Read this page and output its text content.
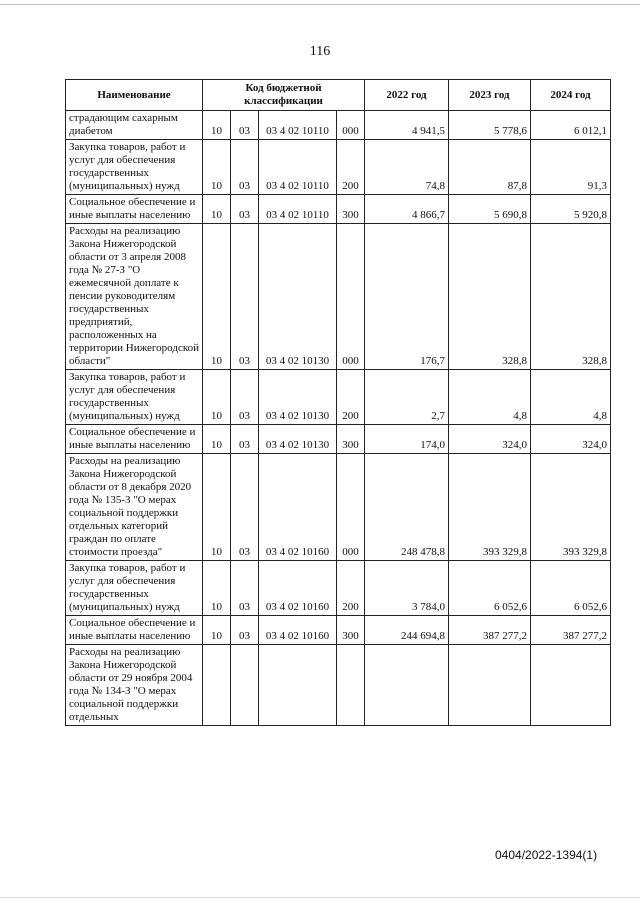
116
Наименование	Код бюджетной классификации				2022 год	2023 год	2024 год
страдающим сахарным диабетом	10	03	03 4 02 10110	000	4 941,5	5 778,6	6 012,1
Закупка товаров, работ и услуг для обеспечения государственных (муниципальных) нужд	10	03	03 4 02 10110	200	74,8	87,8	91,3
Социальное обеспечение и иные выплаты населению	10	03	03 4 02 10110	300	4 866,7	5 690,8	5 920,8
Расходы на реализацию Закона Нижегородской области от 3 апреля 2008 года № 27-З "О ежемесячной доплате к пенсии руководителям государственных предприятий, расположенных на территории Нижегородской области"	10	03	03 4 02 10130	000	176,7	328,8	328,8
Закупка товаров, работ и услуг для обеспечения государственных (муниципальных) нужд	10	03	03 4 02 10130	200	2,7	4,8	4,8
Социальное обеспечение и иные выплаты населению	10	03	03 4 02 10130	300	174,0	324,0	324,0
Расходы на реализацию Закона Нижегородской области от 8 декабря 2020 года № 135-З "О мерах социальной поддержки отдельных категорий граждан по оплате стоимости проезда"	10	03	03 4 02 10160	000	248 478,8	393 329,8	393 329,8
Закупка товаров, работ и услуг для обеспечения государственных (муниципальных) нужд	10	03	03 4 02 10160	200	3 784,0	6 052,6	6 052,6
Социальное обеспечение и иные выплаты населению	10	03	03 4 02 10160	300	244 694,8	387 277,2	387 277,2
Расходы на реализацию Закона Нижегородской области от 29 ноября 2004 года № 134-З "О мерах социальной поддержки отдельных							
0404/2022-1394(1)
